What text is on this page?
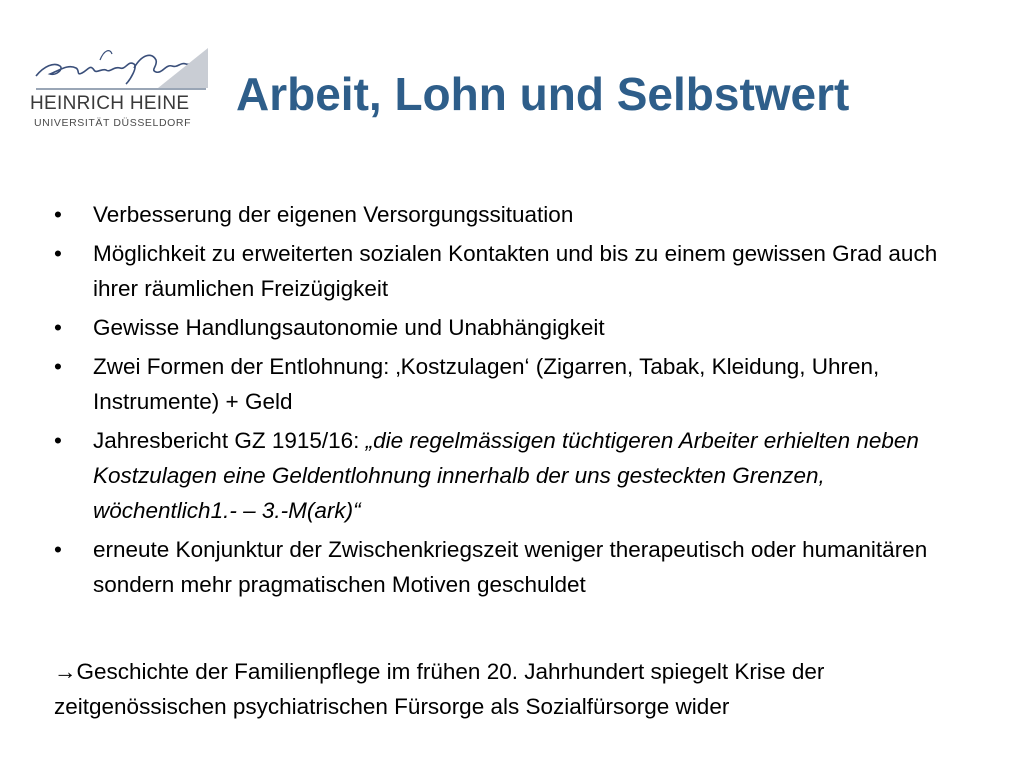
HEINRICH HEINE
UNIVERSITÄT DÜSSELDORF
Arbeit, Lohn und Selbstwert
•	Verbesserung der eigenen Versorgungssituation
•	Möglichkeit zu erweiterten sozialen Kontakten und bis zu einem gewissen Grad auch ihrer räumlichen Freizügigkeit
•	Gewisse Handlungsautonomie und Unabhängigkeit
•	Zwei Formen der Entlohnung: ‚Kostzulagen‘ (Zigarren, Tabak, Kleidung, Uhren, Instrumente) + Geld
•	Jahresbericht GZ 1915/16: „die regelmässigen tüchtigeren Arbeiter erhielten neben Kostzulagen eine Geldentlohnung innerhalb der uns gesteckten Grenzen, wöchentlich1.- – 3.-M(ark)“
•	erneute Konjunktur der Zwischenkriegszeit weniger therapeutisch oder humanitären sondern mehr pragmatischen Motiven geschuldet
→Geschichte der Familienpflege im frühen 20. Jahrhundert spiegelt Krise der zeitgenössischen psychiatrischen Fürsorge als Sozialfürsorge wider
